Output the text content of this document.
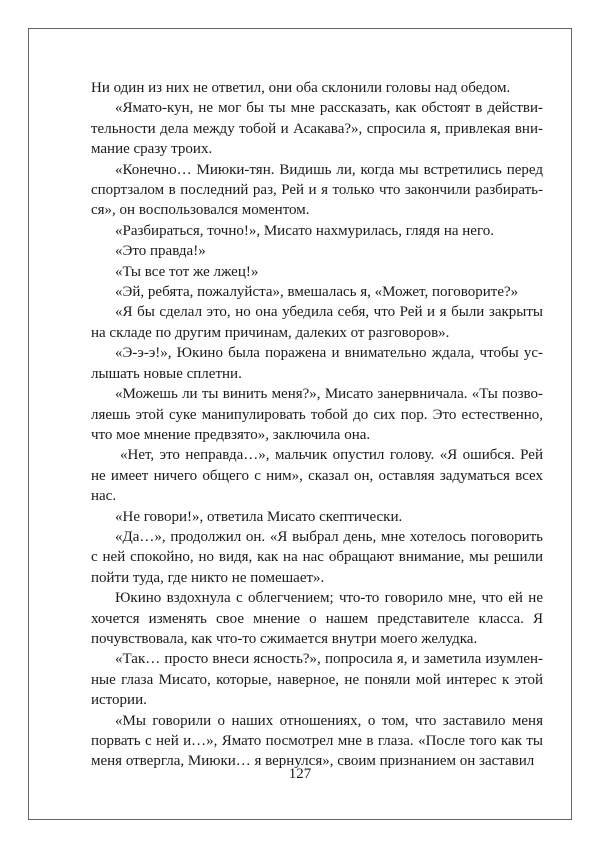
Ни один из них не ответил, они оба склонили головы над обедом.

«Ямато-кун, не мог бы ты мне рассказать, как обстоят в действительности дела между тобой и Асакава?», спросила я, привлекая внимание сразу троих.

«Конечно… Миюки-тян. Видишь ли, когда мы встретились перед спортзалом в последний раз, Рей и я только что закончили разбираться», он воспользовался моментом.

«Разбираться, точно!», Мисато нахмурилась, глядя на него.

«Это правда!»

«Ты все тот же лжец!»

«Эй, ребята, пожалуйста», вмешалась я, «Может, поговорите?»

«Я бы сделал это, но она убедила себя, что Рей и я были закрыты на складе по другим причинам, далеких от разговоров».

«Э-э-э!», Юкино была поражена и внимательно ждала, чтобы услышать новые сплетни.

«Можешь ли ты винить меня?», Мисато занервничала. «Ты позволяешь этой суке манипулировать тобой до сих пор. Это естественно, что мое мнение предвзято», заключила она.

«Нет, это неправда…», мальчик опустил голову. «Я ошибся. Рей не имеет ничего общего с ним», сказал он, оставляя задуматься всех нас.

«Не говори!», ответила Мисато скептически.

«Да…», продолжил он. «Я выбрал день, мне хотелось поговорить с ней спокойно, но видя, как на нас обращают внимание, мы решили пойти туда, где никто не помешает».

Юкино вздохнула с облегчением; что-то говорило мне, что ей не хочется изменять свое мнение о нашем представителе класса. Я почувствовала, как что-то сжимается внутри моего желудка.

«Так… просто внеси ясность?», попросила я, и заметила изумленные глаза Мисато, которые, наверное, не поняли мой интерес к этой истории.

«Мы говорили о наших отношениях, о том, что заставило меня порвать с ней и…», Ямато посмотрел мне в глаза. «После того как ты меня отвергла, Миюки… я вернулся», своим признанием он заставил

127
